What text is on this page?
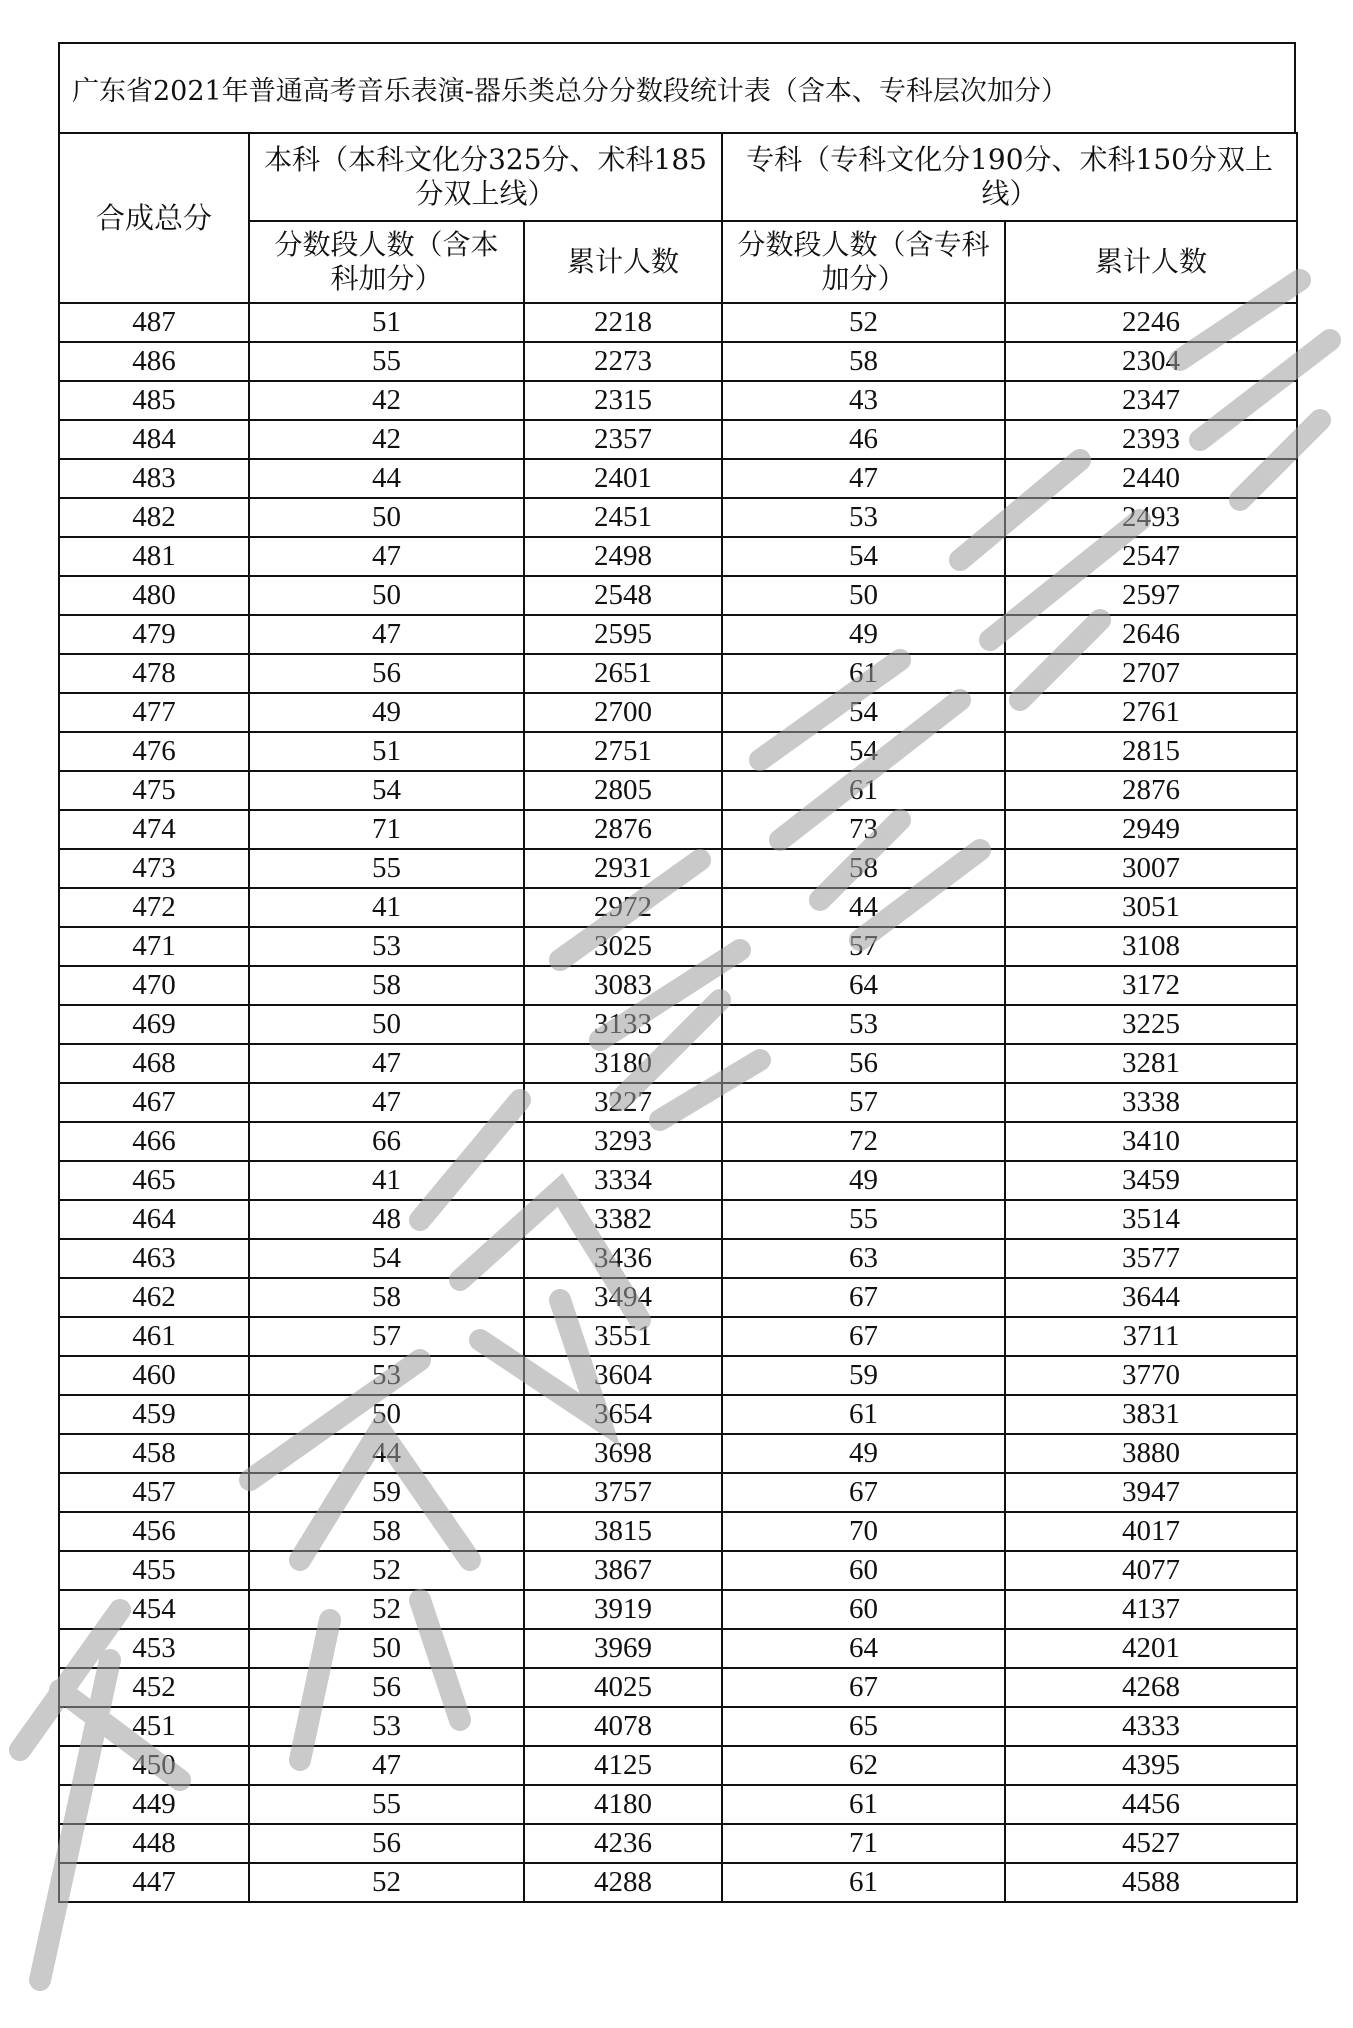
广东省2021年普通高考音乐表演-器乐类总分分数段统计表（含本、专科层次加分）
合成总分	本科（本科文化分325分、术科185分双上线）		专科（专科文化分190分、术科150分双上线）	
	分数段人数（含本科加分）	累计人数	分数段人数（含专科加分）	累计人数
487	51	2218	52	2246
486	55	2273	58	2304
485	42	2315	43	2347
484	42	2357	46	2393
483	44	2401	47	2440
482	50	2451	53	2493
481	47	2498	54	2547
480	50	2548	50	2597
479	47	2595	49	2646
478	56	2651	61	2707
477	49	2700	54	2761
476	51	2751	54	2815
475	54	2805	61	2876
474	71	2876	73	2949
473	55	2931	58	3007
472	41	2972	44	3051
471	53	3025	57	3108
470	58	3083	64	3172
469	50	3133	53	3225
468	47	3180	56	3281
467	47	3227	57	3338
466	66	3293	72	3410
465	41	3334	49	3459
464	48	3382	55	3514
463	54	3436	63	3577
462	58	3494	67	3644
461	57	3551	67	3711
460	53	3604	59	3770
459	50	3654	61	3831
458	44	3698	49	3880
457	59	3757	67	3947
456	58	3815	70	4017
455	52	3867	60	4077
454	52	3919	60	4137
453	50	3969	64	4201
452	56	4025	67	4268
451	53	4078	65	4333
450	47	4125	62	4395
449	55	4180	61	4456
448	56	4236	71	4527
447	52	4288	61	4588
